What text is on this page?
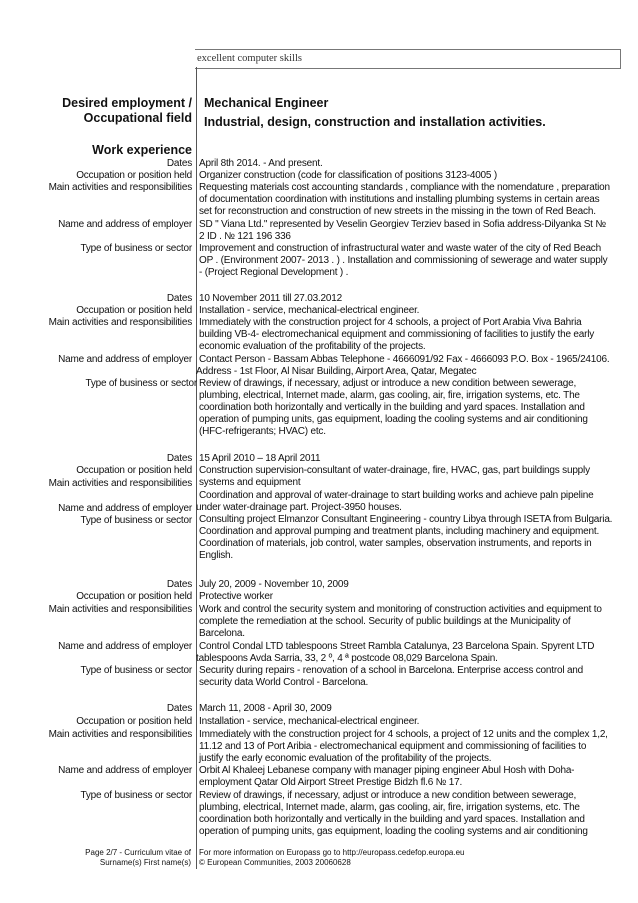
excellent computer skills
Desired employment /
Occupational field
Mechanical Engineer
Industrial, design, construction and installation activities.
Work experience
Dates
Occupation or position held
Main activities and responsibilities
Name and address of employer
Type of business or sector
April 8th 2014. - And present.
Organizer construction (code for classification of positions 3123-4005 )
Requesting materials cost accounting standards , compliance with the nomendature , preparation
of documentation coordination with institutions and installing plumbing systems in certain areas
set for reconstruction and construction of new streets in the missing in the town of Red Beach.
SD " Viana Ltd." represented by Veselin Georgiev Terziev based in Sofia address-Dilyanka St №
2 ID . № 121 196 336
Improvement and construction of infrastructural water and waste water of the city of Red Beach
OP . (Environment 2007- 2013 . ) . Installation and commissioning of sewerage and water supply
- (Project Regional Development ) .
Dates
Occupation or position held
Main activities and responsibilities
Name and address of employer
Type of business or sector
10 November 2011 till 27.03.2012
Installation - service, mechanical-electrical engineer.
Immediately with the construction project for 4 schools, a project of Port Arabia Viva Bahria
building VB-4- electromechanical equipment and commissioning of facilities to justify the early
economic evaluation of the profitability of the projects.
Contact Person - Bassam Abbas Telephone - 4666091/92 Fax - 4666093 P.O. Box - 1965/24106.
Address - 1st Floor, Al Nisar Building, Airport Area, Qatar, Megatec
Review of drawings, if necessary, adjust or introduce a new condition between sewerage,
plumbing, electrical, Internet made, alarm, gas cooling, air, fire, irrigation systems, etc. The
coordination both horizontally and vertically in the building and yard spaces. Installation and
operation of pumping units, gas equipment, loading the cooling systems and air conditioning
(HFC-refrigerants; HVAC) etc.
Dates
Occupation or position held
Main activities and responsibilities
Name and address of employer
Type of business or sector
15 April 2010 – 18 April 2011
Construction supervision-consultant of water-drainage, fire, HVAC, gas, part buildings supply
systems and equipment
Coordination and approval of water-drainage to start building works and achieve paln pipeline
under water-drainage part. Project-3950 houses.
Consulting project Elmanzor Consultant Engineering - country Libya through ISETA from Bulgaria.
Coordination and approval pumping and treatment plants, including machinery and equipment.
Coordination of materials, job control, water samples, observation instruments, and reports in
English.
Dates
Occupation or position held
Main activities and responsibilities
Name and address of employer
Type of business or sector
July 20, 2009 - November 10, 2009
Protective worker
Work and control the security system and monitoring of construction activities and equipment to
complete the remediation at the school. Security of public buildings at the Municipality of
Barcelona.
Control Condal LTD tablespoons Street Rambla Catalunya, 23 Barcelona Spain. Spyrent LTD
tablespoons Avda Sarria, 33, 2 º, 4 ª postcode 08,029 Barcelona Spain.
Security during repairs - renovation of a school in Barcelona. Enterprise access control and
security data World Control - Barcelona.
Dates
Occupation or position held
Main activities and responsibilities
Name and address of employer
Type of business or sector
March 11, 2008 - April 30, 2009
Installation - service, mechanical-electrical engineer.
Immediately with the construction project for 4 schools, a project of 12 units and the complex 1,2,
11.12 and 13 of Port Aribia - electromechanical equipment and commissioning of facilities to
justify the early economic evaluation of the profitability of the projects.
Orbit Al Khaleej Lebanese company with manager piping engineer Abul Hosh with Doha-
employment Qatar Old Airport Street Prestige Bidzh fl.6 № 17.
Review of drawings, if necessary, adjust or introduce a new condition between sewerage,
plumbing, electrical, Internet made, alarm, gas cooling, air, fire, irrigation systems, etc. The
coordination both horizontally and vertically in the building and yard spaces. Installation and
operation of pumping units, gas equipment, loading the cooling systems and air conditioning
Page 2/7 - Curriculum vitae of
Surname(s) First name(s)
For more information on Europass go to http://europass.cedefop.europa.eu
© European Communities, 2003 20060628
